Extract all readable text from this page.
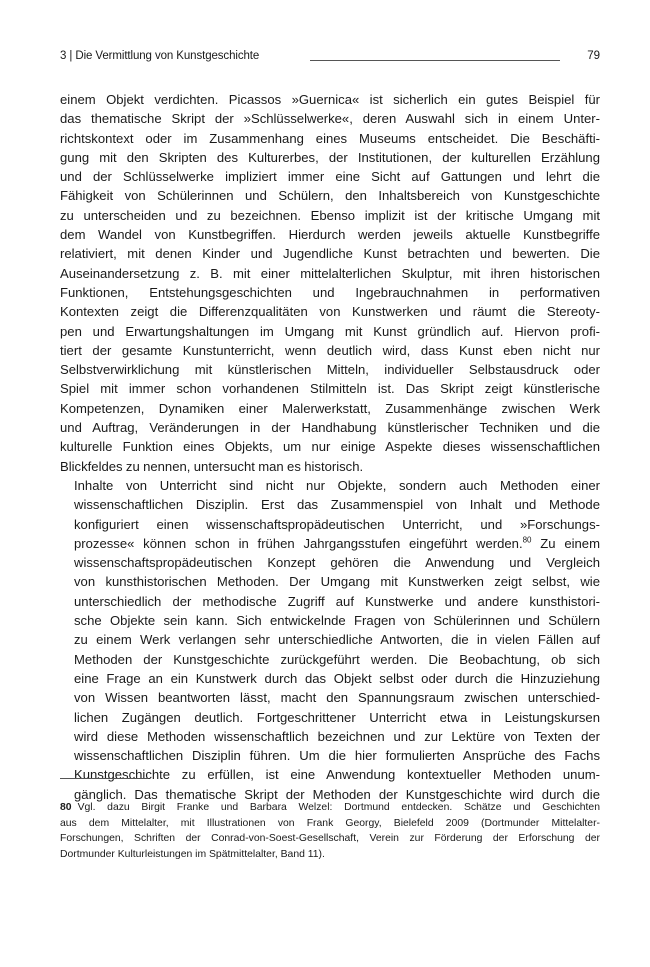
3 | Die Vermittlung von Kunstgeschichte	79

einem Objekt verdichten. Picassos »Guernica« ist sicherlich ein gutes Beispiel für
das thematische Skript der »Schlüsselwerke«, deren Auswahl sich in einem Unter-
richtskontext oder im Zusammenhang eines Museums entscheidet. Die Beschäfti-
gung mit den Skripten des Kulturerbes, der Institutionen, der kulturellen Erzählung
und der Schlüsselwerke impliziert immer eine Sicht auf Gattungen und lehrt die
Fähigkeit von Schülerinnen und Schülern, den Inhaltsbereich von Kunstgeschichte
zu unterscheiden und zu bezeichnen. Ebenso implizit ist der kritische Umgang mit
dem Wandel von Kunstbegriffen. Hierdurch werden jeweils aktuelle Kunstbegriffe
relativiert, mit denen Kinder und Jugendliche Kunst betrachten und bewerten. Die
Auseinandersetzung z. B. mit einer mittelalterlichen Skulptur, mit ihren historischen
Funktionen, Entstehungsgeschichten und Ingebrauchnahmen in performativen
Kontexten zeigt die Differenzqualitäten von Kunstwerken und räumt die Stereoty-
pen und Erwartungshaltungen im Umgang mit Kunst gründlich auf. Hiervon profi-
tiert der gesamte Kunstunterricht, wenn deutlich wird, dass Kunst eben nicht nur
Selbstverwirklichung mit künstlerischen Mitteln, individueller Selbstausdruck oder
Spiel mit immer schon vorhandenen Stilmitteln ist. Das Skript zeigt künstlerische
Kompetenzen, Dynamiken einer Malerwerkstatt, Zusammenhänge zwischen Werk
und Auftrag, Veränderungen in der Handhabung künstlerischer Techniken und die
kulturelle Funktion eines Objekts, um nur einige Aspekte dieses wissenschaftlichen
Blickfeldes zu nennen, untersucht man es historisch.

Inhalte von Unterricht sind nicht nur Objekte, sondern auch Methoden einer
wissenschaftlichen Disziplin. Erst das Zusammenspiel von Inhalt und Methode
konfiguriert einen wissenschaftspropädeutischen Unterricht, und »Forschungs-
prozesse« können schon in frühen Jahrgangsstufen eingeführt werden.$^{80}$ Zu einem
wissenschaftspropädeutischen Konzept gehören die Anwendung und Vergleich
von kunsthistorischen Methoden. Der Umgang mit Kunstwerken zeigt selbst, wie
unterschiedlich der methodische Zugriff auf Kunstwerke und andere kunsthistori-
sche Objekte sein kann. Sich entwickelnde Fragen von Schülerinnen und Schülern
zu einem Werk verlangen sehr unterschiedliche Antworten, die in vielen Fällen auf
Methoden der Kunstgeschichte zurückgeführt werden. Die Beobachtung, ob sich
eine Frage an ein Kunstwerk durch das Objekt selbst oder durch die Hinzuziehung
von Wissen beantworten lässt, macht den Spannungsraum zwischen unterschied-
lichen Zugängen deutlich. Fortgeschrittener Unterricht etwa in Leistungskursen
wird diese Methoden wissenschaftlich bezeichnen und zur Lektüre von Texten der
wissenschaftlichen Disziplin führen. Um die hier formulierten Ansprüche des Fachs
Kunstgeschichte zu erfüllen, ist eine Anwendung kontextueller Methoden unum-
gänglich. Das thematische Skript der Methoden der Kunstgeschichte wird durch die

80 Vgl. dazu Birgit Franke und Barbara Welzel: Dortmund entdecken. Schätze und Geschichten
aus dem Mittelalter, mit Illustrationen von Frank Georgy, Bielefeld 2009 (Dortmunder Mittelalter-
Forschungen, Schriften der Conrad-von-Soest-Gesellschaft, Verein zur Förderung der Erforschung der
Dortmunder Kulturleistungen im Spätmittelalter, Band 11).
